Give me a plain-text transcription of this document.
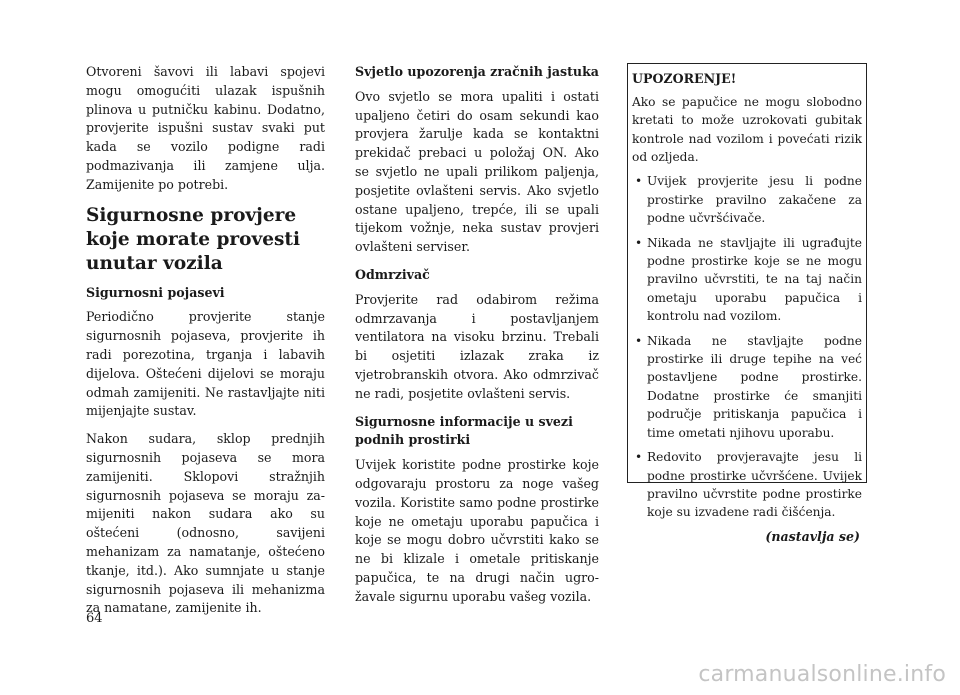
Otvoreni šavovi ili labavi spojevi mogu omogućiti ulazak ispušnih plinova u putničku kabinu. Dodatno, provjerite ispušni sustav svaki put kada se vozilo podigne radi podmazivanja ili zamjene ulja. Zamijenite po potrebi.

Sigurnosne provjere koje morate provesti unutar vozila
Sigurnosni pojasevi

Periodično provjerite stanje sigurnosnih pojaseva, provjerite ih radi porezotina, trganja i labavih dijelova. Oštećeni dijelovi se moraju odmah zamijeniti. Ne rastavljajte niti mijenjajte sustav.

Nakon sudara, sklop prednjih sigurnosnih pojaseva se mora zamijeniti. Sklopovi stražnjih sigurnosnih pojaseva se moraju zamijeniti nakon sudara ako su oštećeni (odnosno, savijeni mehanizam za namatanje, oštećeno tkanje, itd.). Ako sumnjate u stanje sigurnosnih pojaseva ili mehanizma za namatane, zamijenite ih.

Svjetlo upozorenja zračnih jastuka

Ovo svjetlo se mora upaliti i ostati upaljeno četiri do osam sekundi kao provjera žarulje kada se kontaktni prekidač prebaci u položaj ON. Ako se svjetlo ne upali prilikom paljenja, posjetite ovlašteni servis. Ako svjetlo ostane upaljeno, trepće, ili se upali tijekom vožnje, neka sustav provjeri ovlašteni serviser.

Odmrzivač

Provjerite rad odabirom režima odmrzavanja i postavljanjem ventilatora na visoku brzinu. Trebali bi osjetiti izlazak zraka iz vjetrobranskih otvora. Ako odmrzivač ne radi, posjetite ovlašteni servis.

Sigurnosne informacije u svezi podnih prostirki

Uvijek koristite podne prostirke koje odgovaraju prostoru za noge vašeg vozila. Koristite samo podne prostirke koje ne ometaju uporabu papučica i koje se mogu dobro učvrstiti kako se ne bi klizale i ometale pritiskanje papučica, te na drugi način ugrožavale sigurnu uporabu vašeg vozila.

UPOZORENJE!

Ako se papučice ne mogu slobodno kretati to može uzrokovati gubitak kontrole nad vozilom i povećati rizik od ozljeda.

• Uvijek provjerite jesu li podne prostirke pravilno zakačene za podne učvršćivače.
• Nikada ne stavljajte ili ugrađujte podne prostirke koje se ne mogu pravilno učvrstiti, te na taj način ometaju uporabu papučica i kontrolu nad vozilom.
• Nikada ne stavljajte podne prostirke ili druge tepihe na već postavljene podne prostirke. Dodatne prostirke će smanjiti područje pritiskanja papučica i time ometati njihovu uporabu.
• Redovito provjeravajte jesu li podne prostirke učvršćene. Uvijek pravilno učvrstite podne prostirke koje su izvadene radi čišćenja.
(nastavlja se)
64
carmanualsonline.info
